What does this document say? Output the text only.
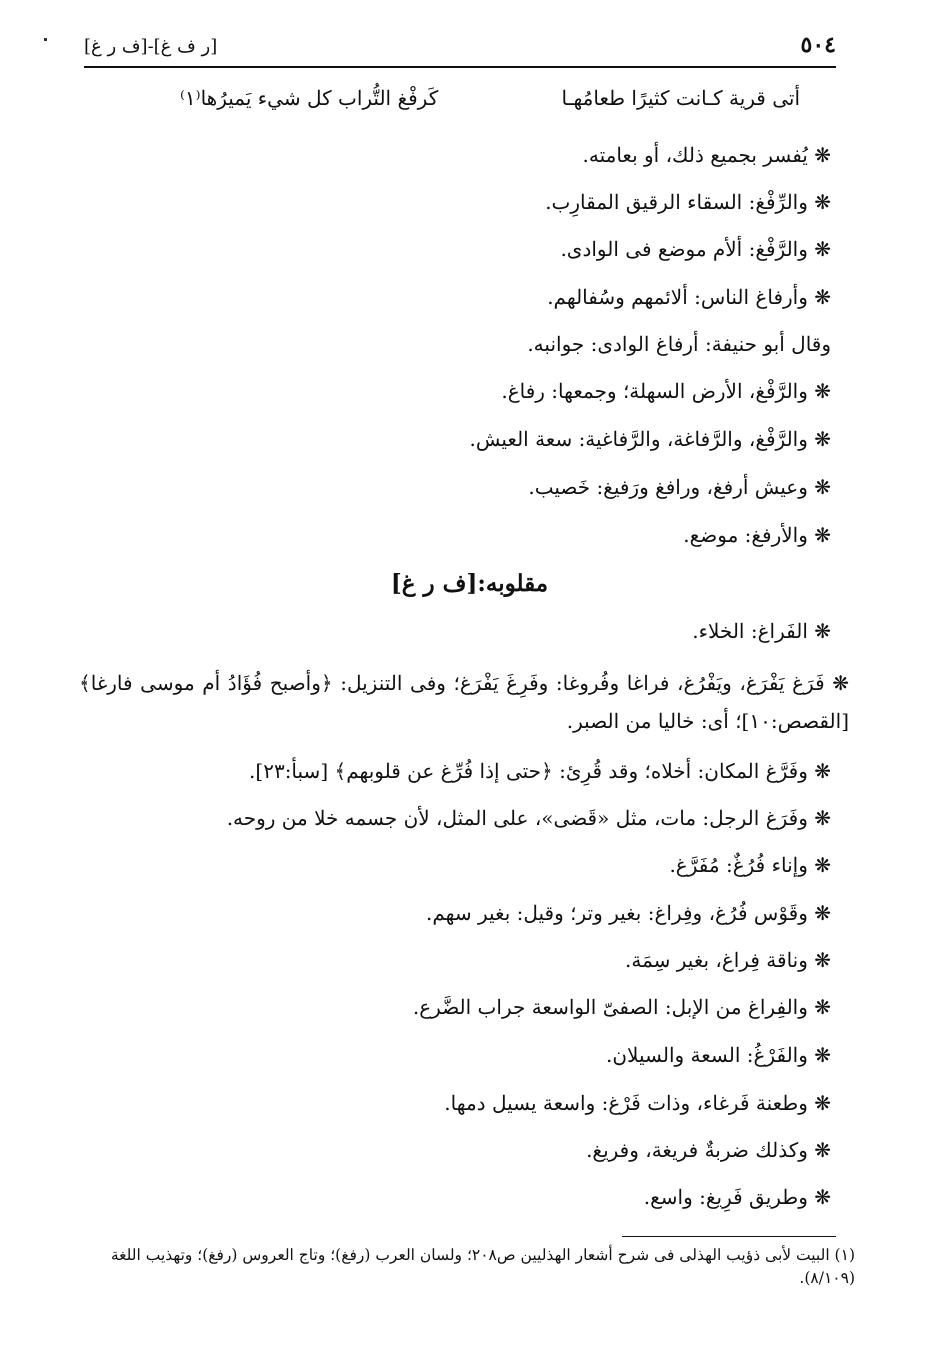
٥٠٤
[ر ف غ]-[ف ر غ]
أتى قرية كـانت كثيرًا طعامُهـا
كَرفْغ التُّراب كل شيء يَميرُها⁽١⁾
❋ يُفسر بجميع ذلك، أو بعامته.
❋ والرِّفْغ: السقاء الرقيق المقارِب.
❋ والرَّفْغ: ألأم موضع فى الوادى.
❋ وأرفاغ الناس: ألائمهم وسُفالهم.
وقال أبو حنيفة: أرفاغ الوادى: جوانبه.
❋ والرَّفْغ، الأرض السهلة؛ وجمعها: رفاغ.
❋ والرَّفْغ، والرَّفاغة، والرَّفاغية: سعة العيش.
❋ وعيش أرفغ، ورافغ ورَفيغ: خَصيب.
❋ والأرفغ: موضع.
مقلوبه:[ف ر غ]
❋ الفَراغ: الخلاء.
❋ فَرَغ يَفْرَغ، ويَفْرُغ، فراغا وفُروغا: وفَرِغَ يَفْرَغ؛ وفى التنزيل: ﴿وأصبح فُؤَادُ أم موسى فارغا﴾ [القصص:١٠]؛ أى: خاليا من الصبر.
❋ وفَرَّغ المكان: أخلاه؛ وقد قُرِئ: ﴿حتى إذا فُرِّغ عن قلوبهم﴾ [سبأ:٢٣].
❋ وفَرَغ الرجل: مات، مثل «قَضى»، على المثل، لأن جسمه خلا من روحه.
❋ وإناء فُرُغٌ: مُفَرَّغ.
❋ وقَوْس فُرُغ، وفِراغ: بغير وتر؛ وقيل: بغير سهم.
❋ وناقة فِراغ، بغير سِمَة.
❋ والفِراغ من الإبل: الصفىّ الواسعة جراب الضَّرع.
❋ والفَرْغُ: السعة والسيلان.
❋ وطعنة فَرغاء، وذات فَرْغ: واسعة يسيل دمها.
❋ وكذلك ضربةٌ فريغة، وفريغ.
❋ وطريق فَرِيغ: واسع.
(١) البيت لأبى ذؤيب الهذلى فى شرح أشعار الهذليين ص٢٠٨؛ ولسان العرب (رفغ)؛ وتاج العروس (رفغ)؛ وتهذيب اللغة (٨/١٠٩).
